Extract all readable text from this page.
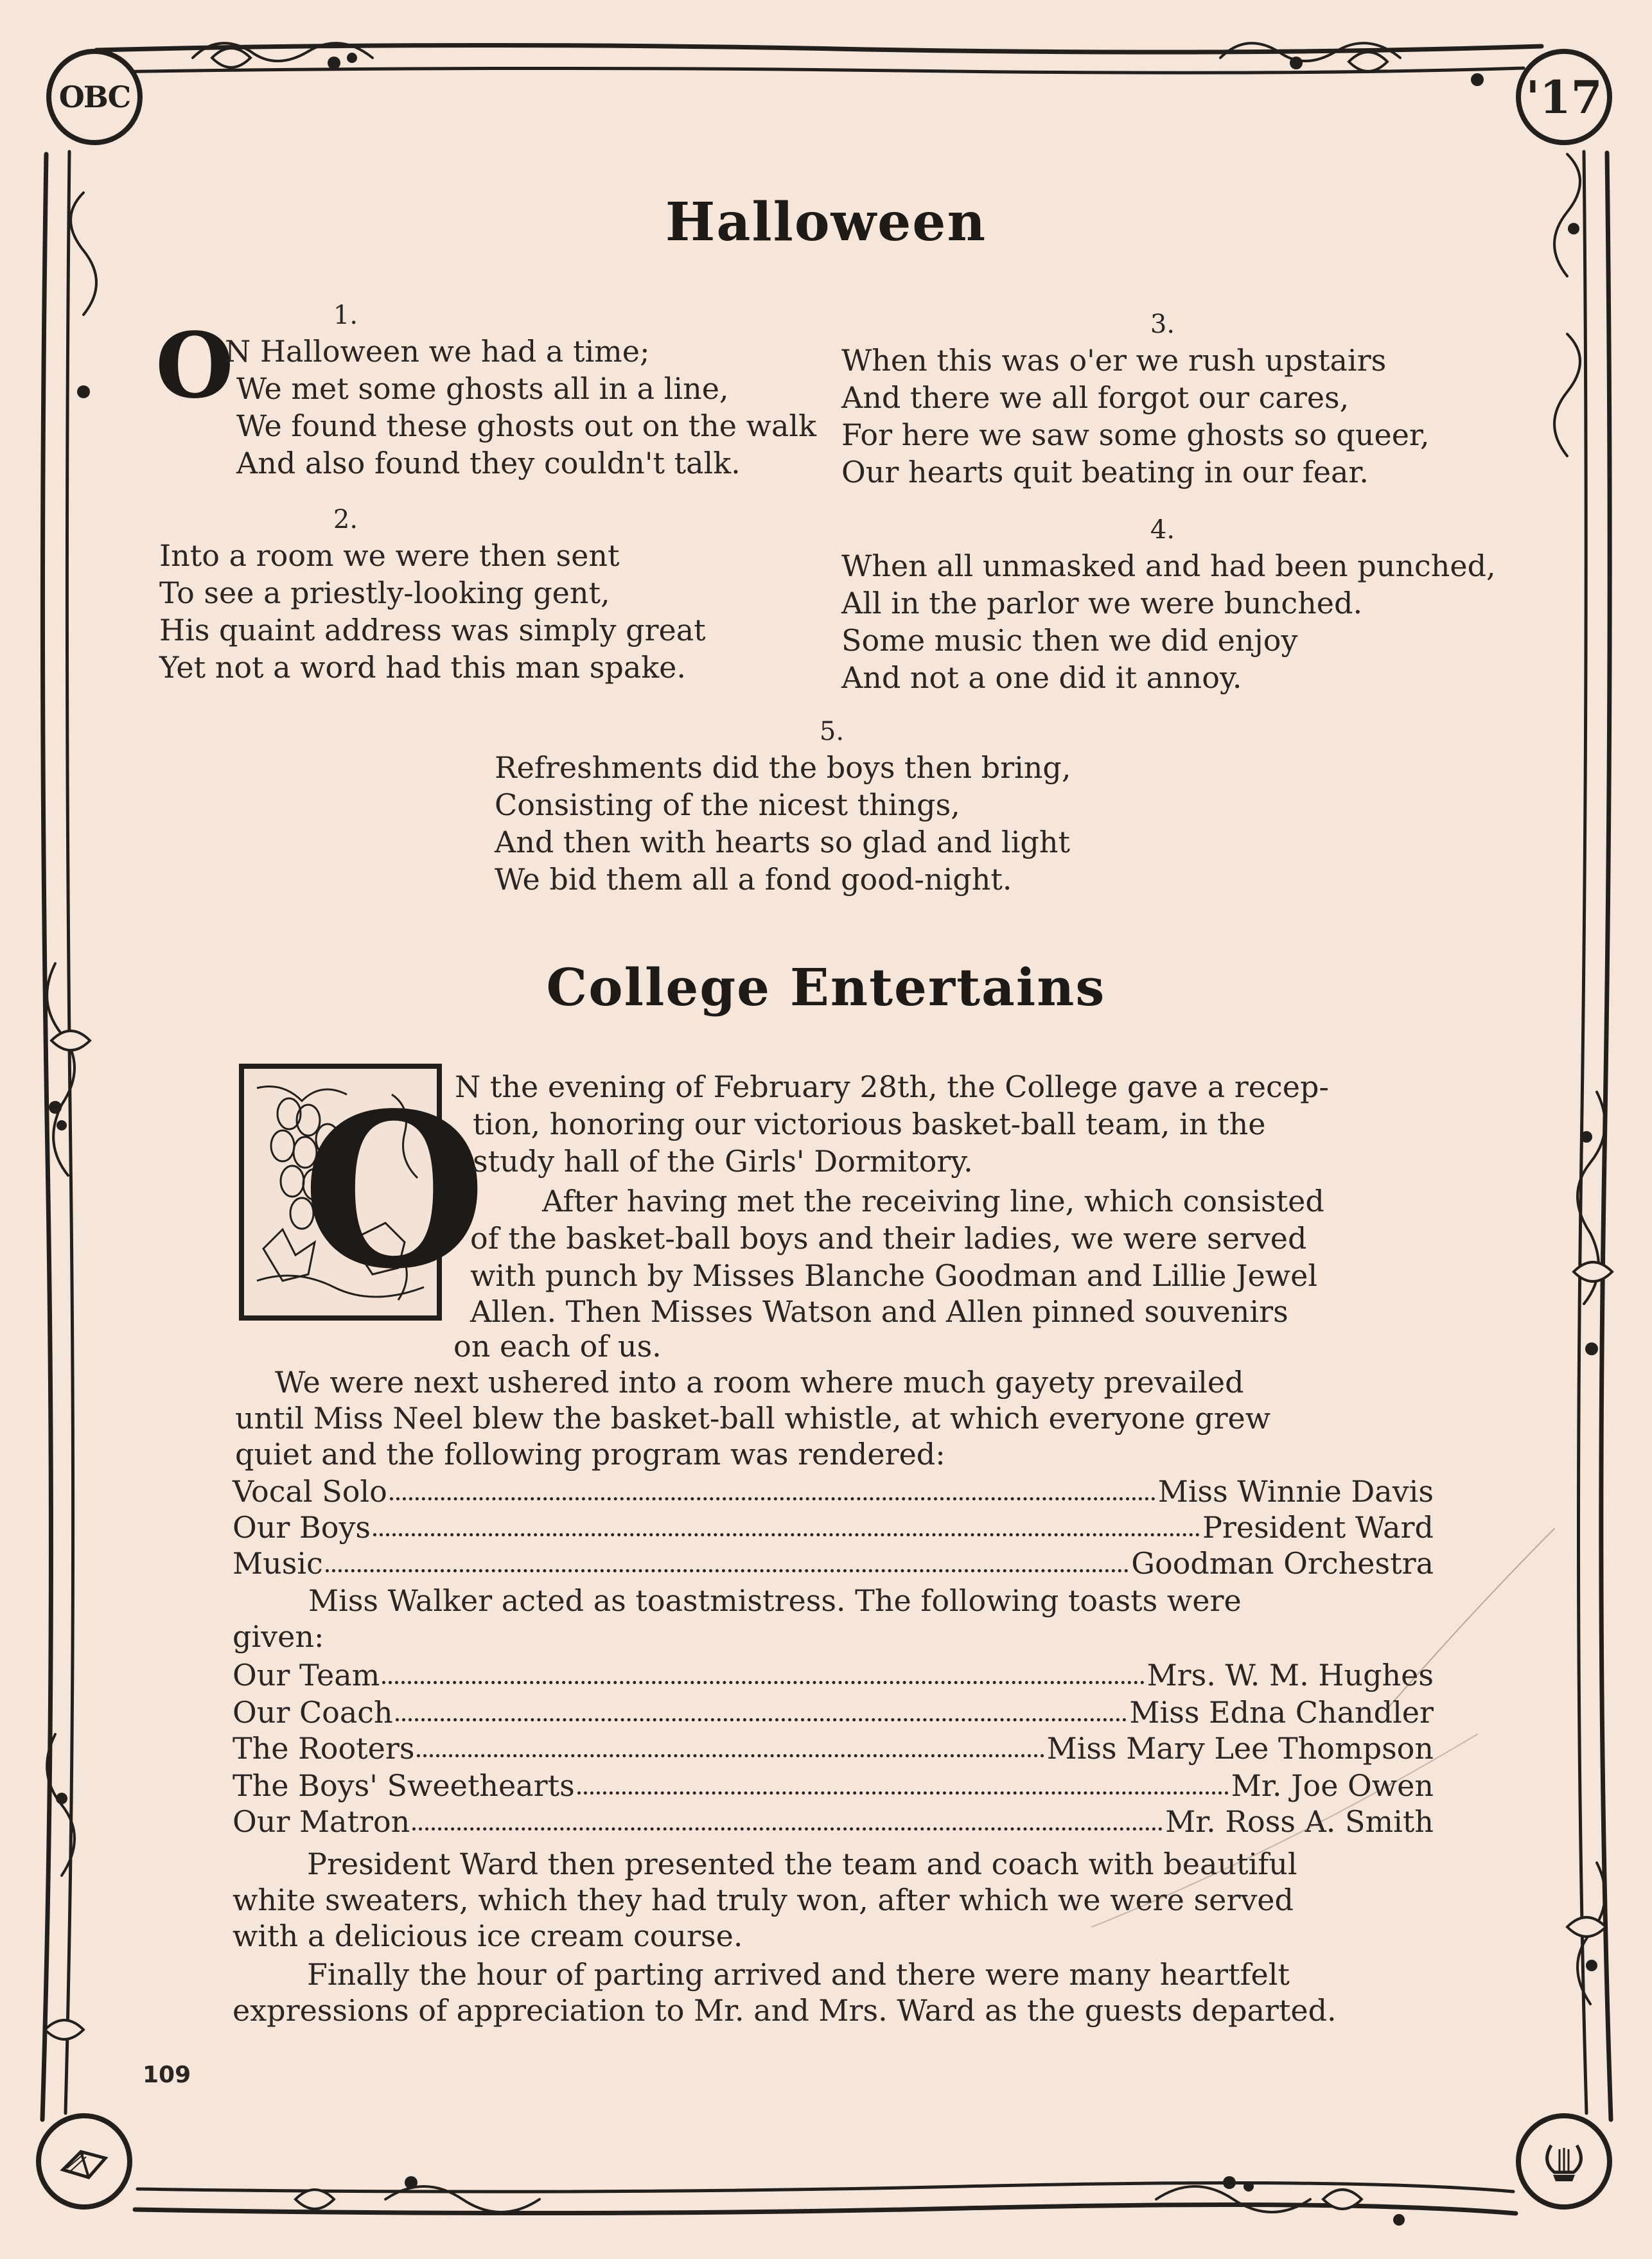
OBC	'17
Halloween
O	1.
N Halloween we had a time;
We met some ghosts all in a line,
We found these ghosts out on the walk
And also found they couldn't talk.
2.
Into a room we were then sent
To see a priestly-looking gent,
His quaint address was simply great
Yet not a word had this man spake.
3.
When this was o'er we rush upstairs
And there we all forgot our cares,
For here we saw some ghosts so queer,
Our hearts quit beating in our fear.
4.
When all unmasked and had been punched,
All in the parlor we were bunched.
Some music then we did enjoy
And not a one did it annoy.
5.
Refreshments did the boys then bring,
Consisting of the nicest things,
And then with hearts so glad and light
We bid them all a fond good-night.
College Entertains
O
N the evening of February 28th, the College gave a recep-
tion, honoring our victorious basket-ball team, in the
study hall of the Girls' Dormitory.
After having met the receiving line, which consisted
of the basket-ball boys and their ladies, we were served
with punch by Misses Blanche Goodman and Lillie Jewel
Allen. Then Misses Watson and Allen pinned souvenirs
on each of us.
We were next ushered into a room where much gayety prevailed
until Miss Neel blew the basket-ball whistle, at which everyone grew
quiet and the following program was rendered:
Vocal Solo	Miss Winnie Davis
Our Boys	President Ward
Music	Goodman Orchestra
Miss Walker acted as toastmistress. The following toasts were
given:
Our Team	Mrs. W. M. Hughes
Our Coach	Miss Edna Chandler
The Rooters	Miss Mary Lee Thompson
The Boys' Sweethearts	Mr. Joe Owen
Our Matron	Mr. Ross A. Smith
President Ward then presented the team and coach with beautiful
white sweaters, which they had truly won, after which we were served
with a delicious ice cream course.
Finally the hour of parting arrived and there were many heartfelt
expressions of appreciation to Mr. and Mrs. Ward as the guests departed.

109
